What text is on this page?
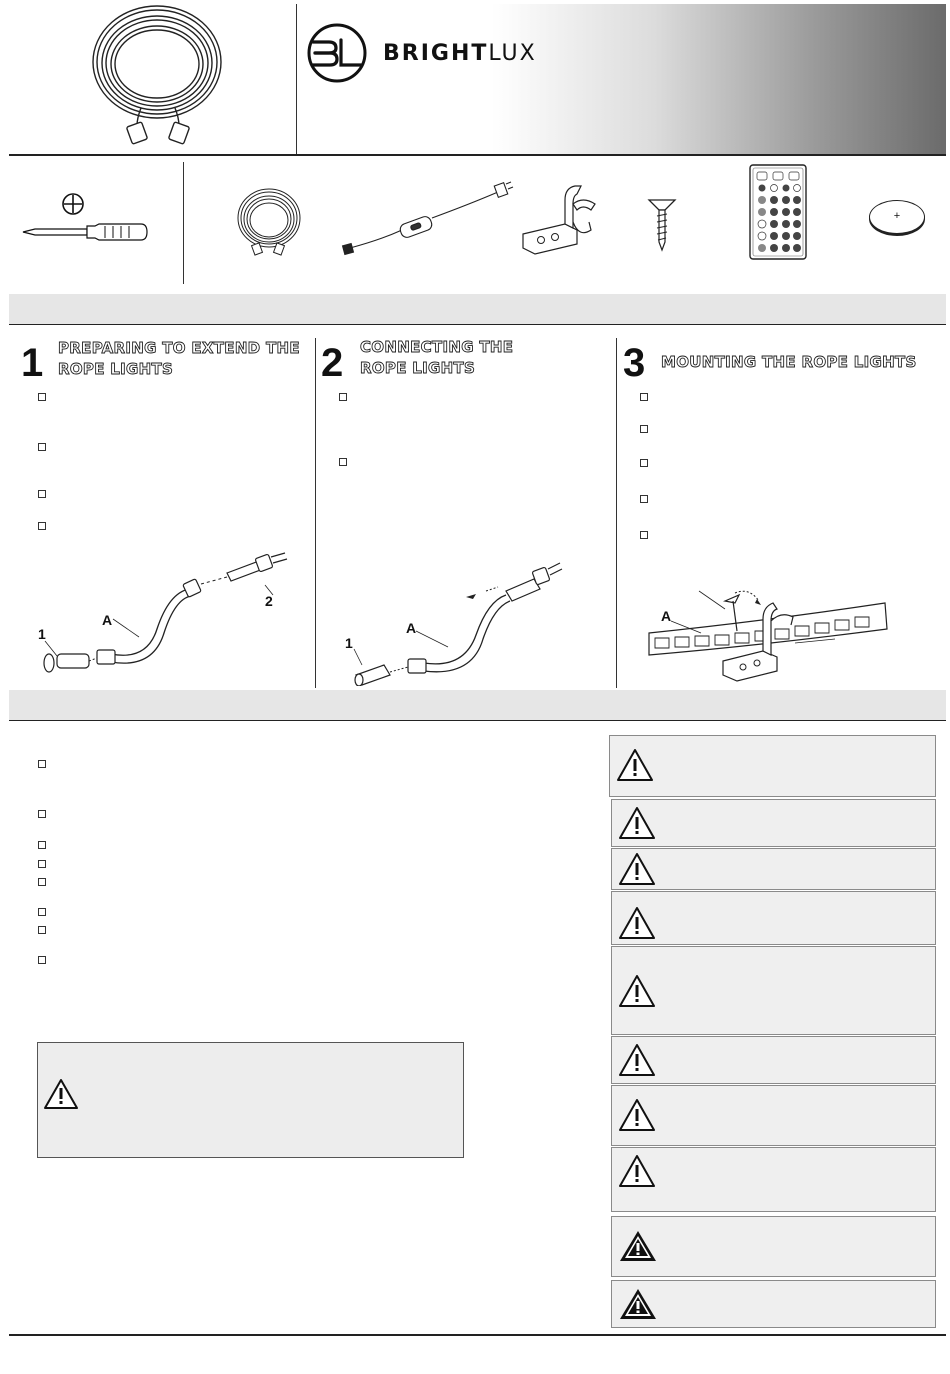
BRIGHTLUX
+
1 PREPARING TO EXTEND THE
ROPE LIGHTS
1
A
2
2 CONNECTING THE
ROPE LIGHTS
1
A
3 MOUNTING THE ROPE LIGHTS
A
